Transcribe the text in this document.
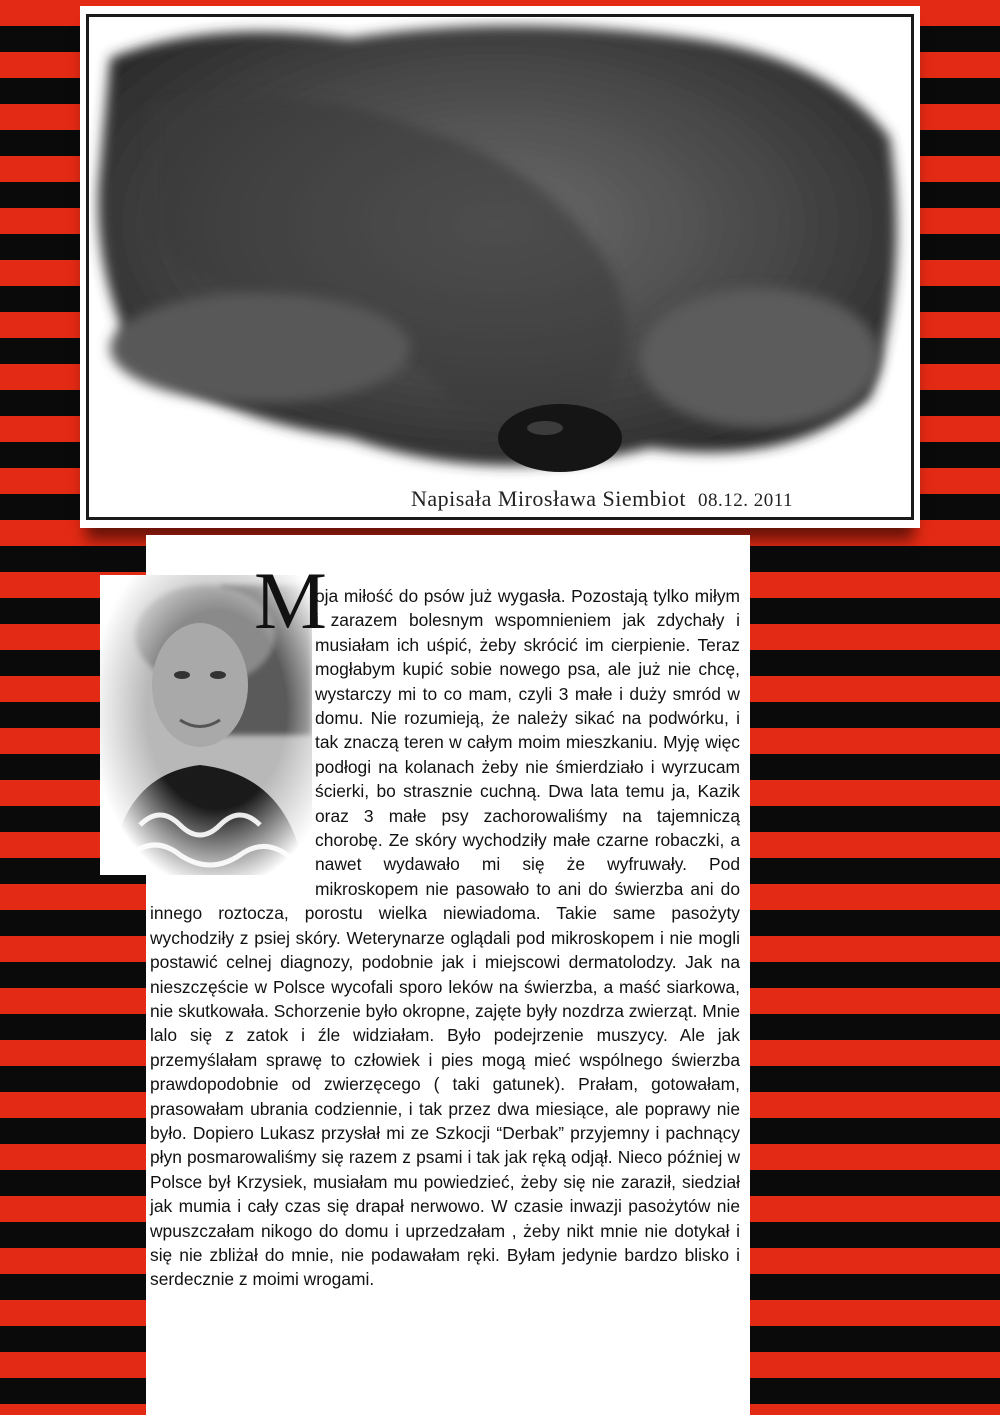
Napisała Mirosława Siembiot 08.12. 2011
M
oja miłość do psów już wygasła. Pozostają tylko miłym i zarazem bolesnym wspomnieniem jak zdychały i musiałam ich uśpić, żeby skrócić im cierpienie. Teraz mogłabym kupić sobie nowego psa, ale już nie chcę, wystarczy mi to co mam, czyli 3 małe i duży smród w domu. Nie rozumieją, że należy sikać na podwórku, i tak znaczą teren w całym moim mieszkaniu. Myję więc podłogi na kolanach żeby nie śmierdziało i wyrzucam ścierki, bo strasznie cuchną. Dwa lata temu ja, Kazik oraz 3 małe psy zachorowaliśmy na tajemniczą chorobę. Ze skóry wychodziły małe czarne robaczki, a nawet wydawało mi się że wyfruwały. Pod mikroskopem nie pasowało to ani do świerzba ani do innego roztocza, porostu wielka niewiadoma. Takie same pasożyty wychodziły z psiej skóry. Weterynarze oglądali pod mikroskopem i nie mogli postawić celnej diagnozy, podobnie jak i miejscowi dermatolodzy. Jak na nieszczęście w Polsce wycofali sporo leków na świerzba, a maść siarkowa, nie skutkowała. Schorzenie było okropne, zajęte były nozdrza zwierząt. Mnie lalo się z zatok i źle widziałam. Było podejrzenie muszycy. Ale jak przemyślałam sprawę to człowiek i pies mogą mieć wspólnego świerzba prawdopodobnie od zwierzęcego ( taki gatunek). Prałam, gotowałam, prasowałam ubrania codziennie, i tak przez dwa miesiące, ale poprawy nie było. Dopiero Lukasz przysłał mi ze Szkocji “Derbak” przyjemny i pachnący płyn posmarowaliśmy się razem z psami i tak jak ręką odjął. Nieco później w Polsce był Krzysiek, musiałam mu powiedzieć, żeby się nie zaraził, siedział jak mumia i cały czas się drapał nerwowo. W czasie inwazji pasożytów nie wpuszczałam nikogo do domu i uprzedzałam , żeby nikt mnie nie dotykał i się nie zbliżał do mnie, nie podawałam ręki. Byłam jedynie bardzo blisko i serdecznie z moimi wrogami.
